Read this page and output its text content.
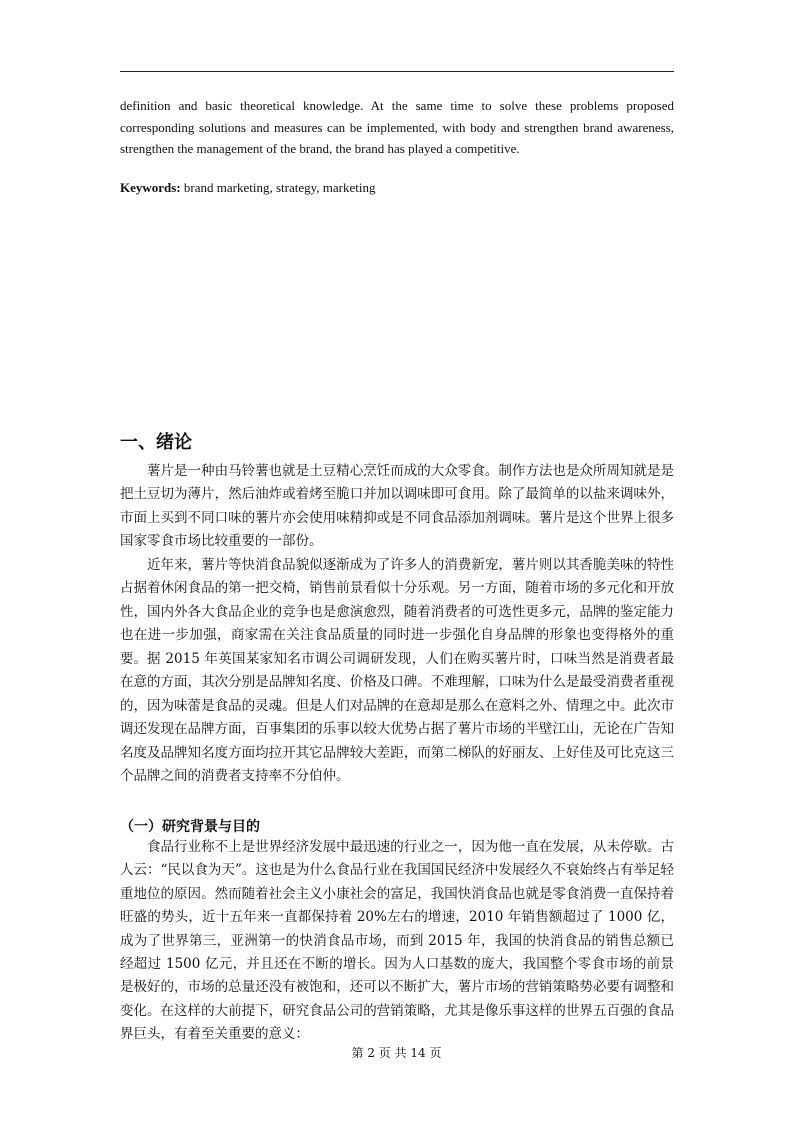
definition and basic theoretical knowledge. At the same time to solve these problems proposed corresponding solutions and measures can be implemented, with body and strengthen brand awareness, strengthen the management of the brand, the brand has played a competitive.

Keywords: brand marketing, strategy, marketing

一、绪论

薯片是一种由马铃薯也就是土豆精心烹饪而成的大众零食。制作方法也是众所周知就是是把土豆切为薄片，然后油炸或着烤至脆口并加以调味即可食用。除了最简单的以盐来调味外，市面上买到不同口味的薯片亦会使用味精抑或是不同食品添加剂调味。薯片是这个世界上很多国家零食市场比较重要的一部份。

近年来，薯片等快消食品貌似逐渐成为了许多人的消费新宠，薯片则以其香脆美味的特性占据着休闲食品的第一把交椅，销售前景看似十分乐观。另一方面，随着市场的多元化和开放性，国内外各大食品企业的竞争也是愈演愈烈，随着消费者的可选性更多元，品牌的鉴定能力也在进一步加强，商家需在关注食品质量的同时进一步强化自身品牌的形象也变得格外的重要。 据 2015 年英国某家知名市调公司调研发现，人们在购买薯片时，口味当然是消费者最在意的方面，其次分别是品牌知名度、价格及口碑。不难理解，口味为什么是最受消费者重视的，因为味蕾是食品的灵魂。但是人们对品牌的在意却是那么在意料之外、情理之中。此次市调还发现在品牌方面，百事集团的乐事以较大优势占据了薯片市场的半壁江山，无论在广告知名度及品牌知名度方面均拉开其它品牌较大差距，而第二梯队的好丽友、上好佳及可比克这三个品牌之间的消费者支持率不分伯仲。

（一）研究背景与目的

食品行业称不上是世界经济发展中最迅速的行业之一，因为他一直在发展，从未停歇。古人云：“民以食为天”。这也是为什么食品行业在我国国民经济中发展经久不衰始终占有举足轻重地位的原因。然而随着社会主义小康社会的富足，我国快消食品也就是零食消费一直保持着旺盛的势头，近十五年来一直都保持着 20%左右的增速，2010 年销售额超过了 1000 亿，成为了世界第三，亚洲第一的快消食品市场，而到 2015 年，我国的快消食品的销售总额已经超过 1500 亿元，并且还在不断的增长。因为人口基数的庞大，我国整个零食市场的前景是极好的，市场的总量还没有被饱和，还可以不断扩大，薯片市场的营销策略势必要有调整和变化。在这样的大前提下，研究食品公司的营销策略，尤其是像乐事这样的世界五百强的食品界巨头，有着至关重要的意义：

第 2 页 共 14 页
